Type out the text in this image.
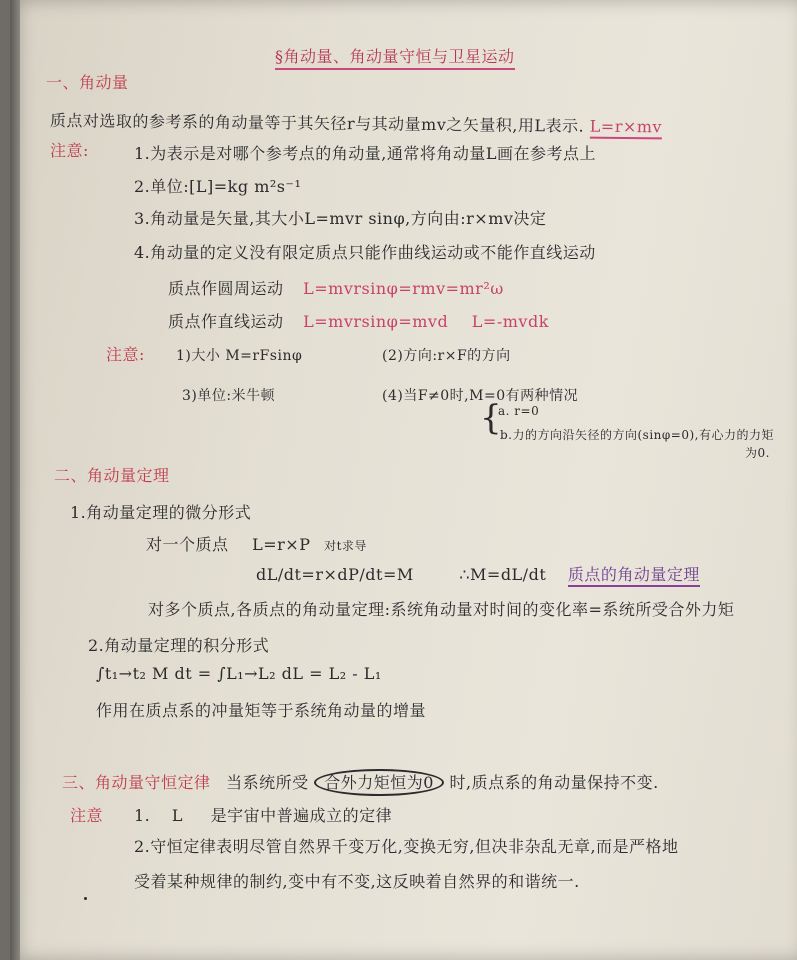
§角动量、角动量守恒与卫星运动
一、角动量
质点对选取的参考系的角动量等于其矢径r与其动量mv之矢量积,用L表示. L=r×mv
注意:	1.为表示是对哪个参考点的角动量,通常将角动量L画在参考点上
2.单位:[L]=kg m²s⁻¹
3.角动量是矢量,其大小L=mvr sinφ,方向由:r×mv决定
4.角动量的定义没有限定质点只能作曲线运动或不能作直线运动
质点作圆周运动 L=mvrsinφ=rmv=mr²ω
质点作直线运动 L=mvrsinφ=mvd L=-mvdk
注意: 1)大小 M=rFsinφ	(2)方向:r×F的方向
3)单位:米牛顿	(4)当F≠0时,M=0有两种情况
{
a. r=0
b.力的方向沿矢径的方向(sinφ=0),有心力的力矩
为0.
二、角动量定理
1.角动量定理的微分形式
对一个质点 L=r×P 对t求导
dL/dt=r×dP/dt=M	∴M=dL/dt 质点的角动量定理
对多个质点,各质点的角动量定理:系统角动量对时间的变化率=系统所受合外力矩
2.角动量定理的积分形式
∫t₁→t₂ M dt = ∫L₁→L₂ dL = L₂ - L₁
作用在质点系的冲量矩等于系统角动量的增量
三、角动量守恒定律 当系统所受 合外力矩恒为0 时,质点系的角动量保持不变.
注意 1. L 是宇宙中普遍成立的定律
2.守恒定律表明尽管自然界千变万化,变换无穷,但决非杂乱无章,而是严格地
受着某种规律的制约,变中有不变,这反映着自然界的和谐统一.
